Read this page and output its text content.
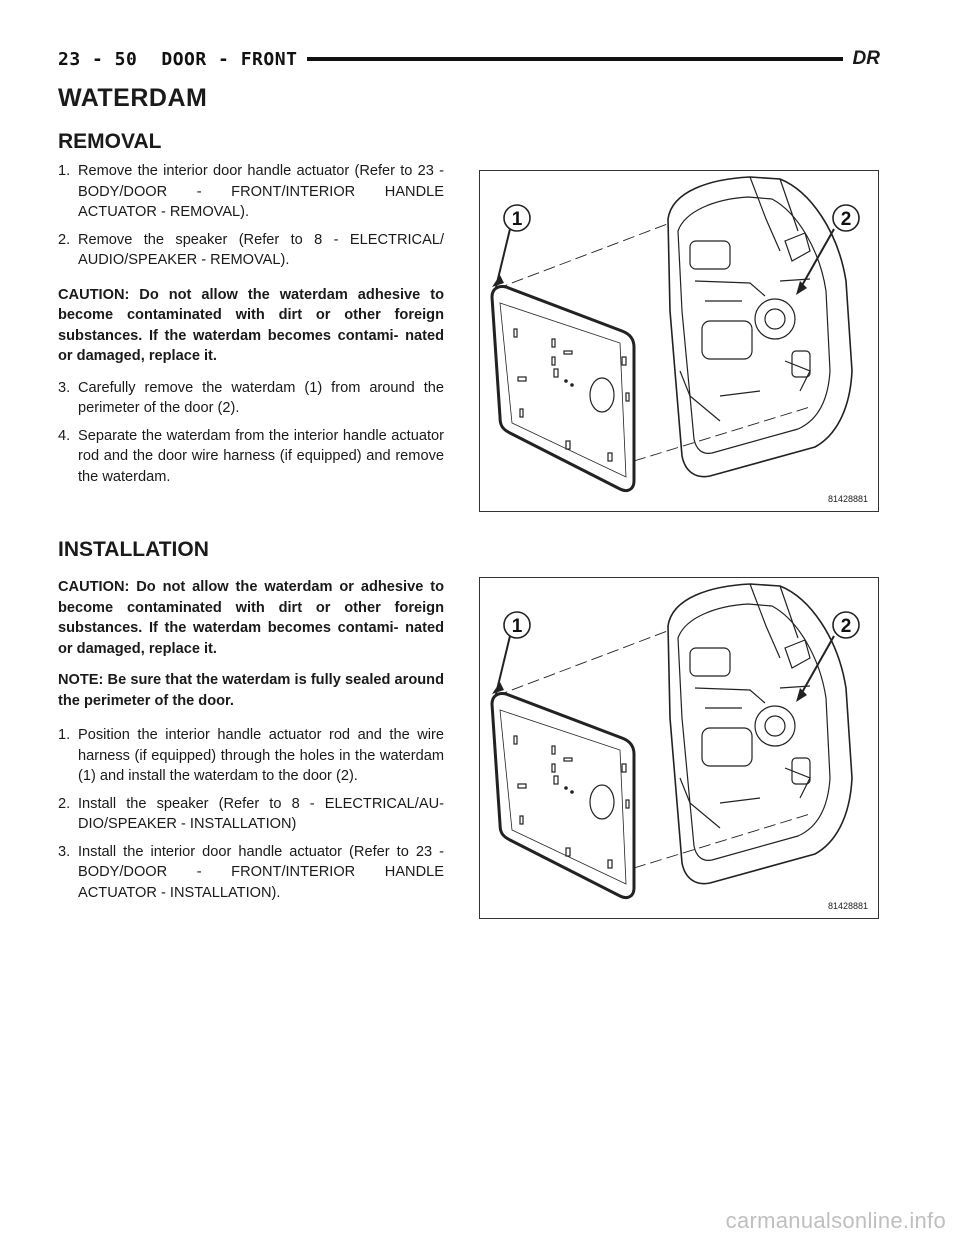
23 - 50 DOOR - FRONT	DR
WATERDAM
REMOVAL

1. Remove the interior door handle actuator (Refer to 23 - BODY/DOOR - FRONT/INTERIOR HANDLE ACTUATOR - REMOVAL).

2. Remove the speaker (Refer to 8 - ELECTRICAL/ AUDIO/SPEAKER - REMOVAL).

CAUTION: Do not allow the waterdam adhesive to become contaminated with dirt or other foreign substances. If the waterdam becomes contami- nated or damaged, replace it.

3. Carefully remove the waterdam (1) from around the perimeter of the door (2).

4. Separate the waterdam from the interior handle actuator rod and the door wire harness (if equipped) and remove the waterdam.

1	2
81428881
INSTALLATION

CAUTION: Do not allow the waterdam or adhesive to become contaminated with dirt or other foreign substances. If the waterdam becomes contami- nated or damaged, replace it.

NOTE: Be sure that the waterdam is fully sealed around the perimeter of the door.

1. Position the interior handle actuator rod and the wire harness (if equipped) through the holes in the waterdam (1) and install the waterdam to the door (2).

2. Install the speaker (Refer to 8 - ELECTRICAL/AU- DIO/SPEAKER - INSTALLATION)

3. Install the interior door handle actuator (Refer to 23 - BODY/DOOR - FRONT/INTERIOR HANDLE ACTUATOR - INSTALLATION).

1	2
81428881
carmanualsonline.info
